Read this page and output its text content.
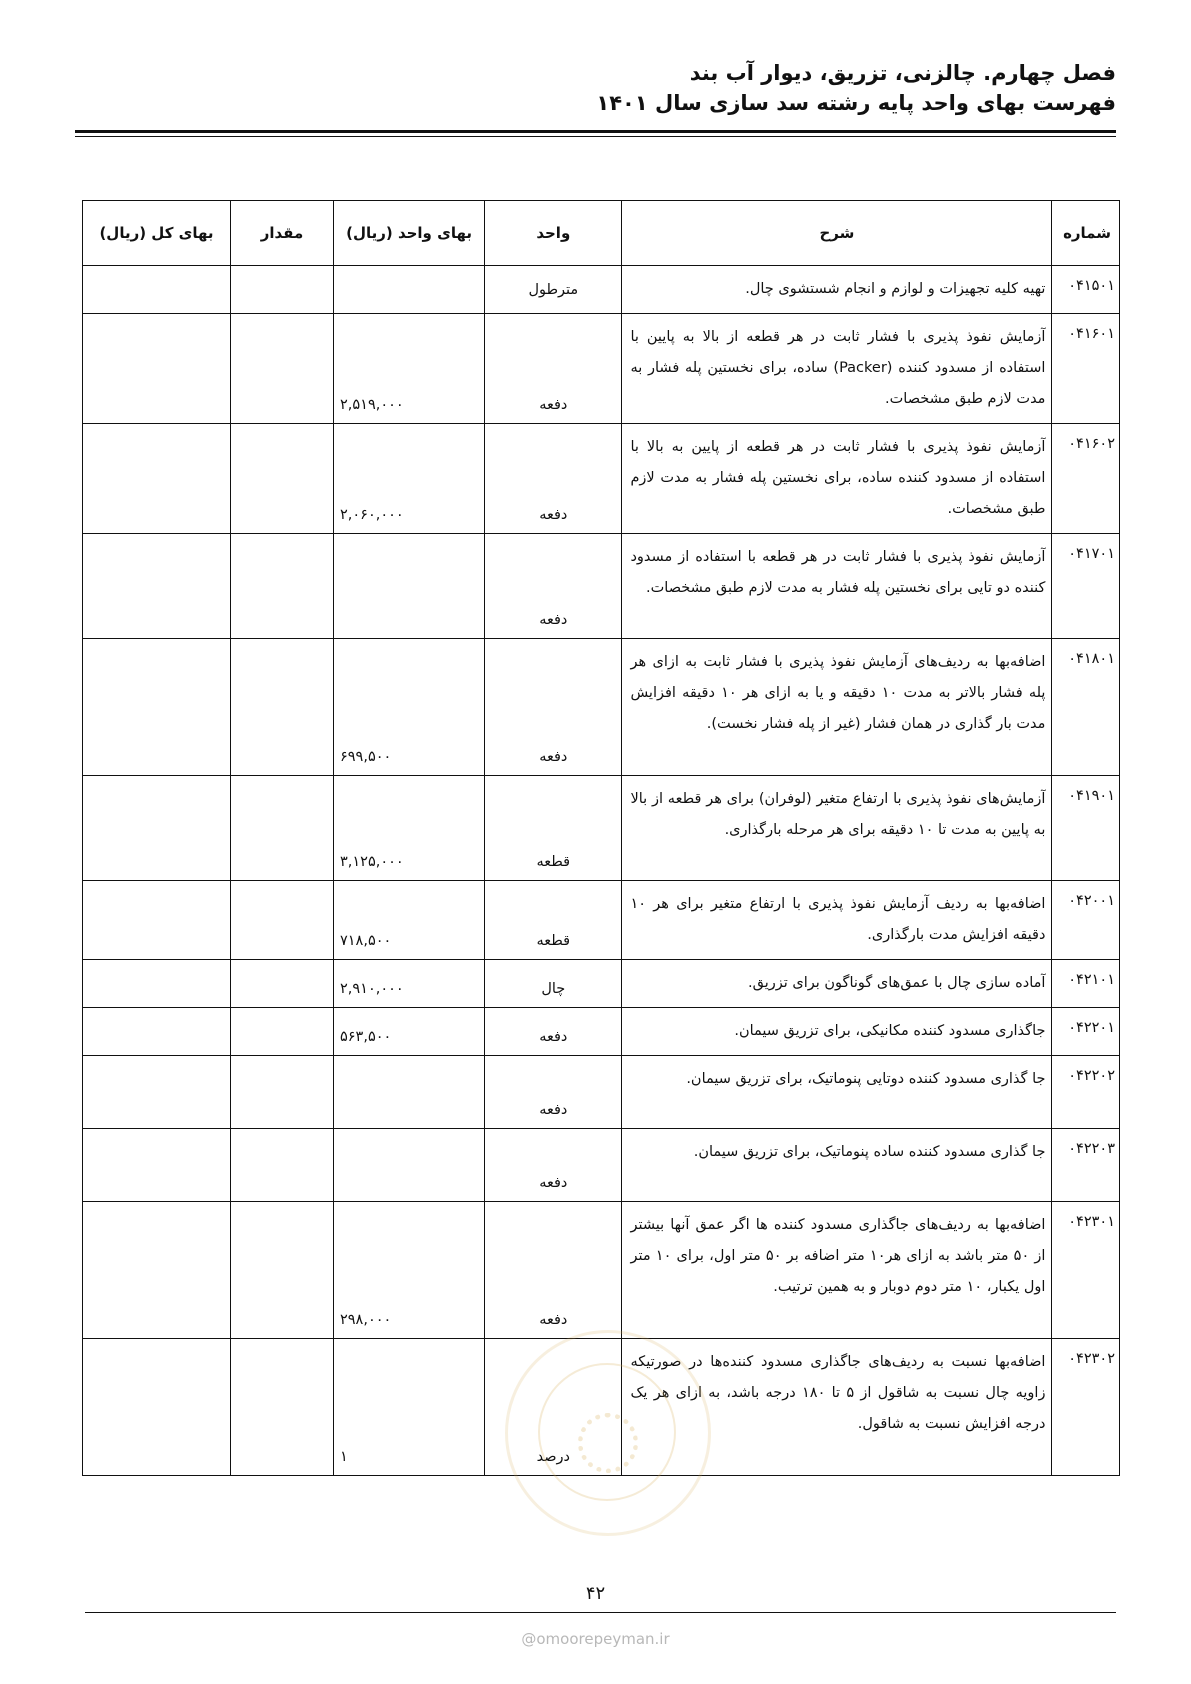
فصل چهارم. چالزنی، تزریق، دیوار آب بند
فهرست بهای واحد پایه رشته سد سازی سال ۱۴۰۱
شماره	شرح	واحد	بهای واحد (ریال)	مقدار	بهای کل (ریال)
۰۴۱۵۰۱	تهیه کلیه تجهیزات و لوازم و انجام شستشوی چال.	مترطول			
۰۴۱۶۰۱	آزمایش نفوذ پذیری با فشار ثابت در هر قطعه از بالا به پایین با استفاده از مسدود کننده (Packer) ساده، برای نخستین پله فشار به مدت لازم طبق مشخصات.	دفعه	۲,۵۱۹,۰۰۰		
۰۴۱۶۰۲	آزمایش نفوذ پذیری با فشار ثابت در هر قطعه از پایین به بالا با استفاده از مسدود کننده ساده، برای نخستین پله فشار به مدت لازم طبق مشخصات.	دفعه	۲,۰۶۰,۰۰۰		
۰۴۱۷۰۱	آزمایش نفوذ پذیری با فشار ثابت در هر قطعه با استفاده از مسدود کننده دو تایی برای نخستین پله فشار به مدت لازم طبق مشخصات.	دفعه			
۰۴۱۸۰۱	اضافه‌بها به ردیف‌های آزمایش نفوذ پذیری با فشار ثابت به ازای هر پله فشار بالاتر به مدت ۱۰ دقیقه و یا به ازای هر ۱۰ دقیقه افزایش مدت بار گذاری در همان فشار (غیر از پله فشار نخست).	دفعه	۶۹۹,۵۰۰		
۰۴۱۹۰۱	آزمایش‌های نفوذ پذیری با ارتفاع متغیر (لوفران) برای هر قطعه از بالا به پایین به مدت تا ۱۰ دقیقه برای هر مرحله بارگذاری.	قطعه	۳,۱۲۵,۰۰۰		
۰۴۲۰۰۱	اضافه‌بها به ردیف آزمایش نفوذ پذیری با ارتفاع متغیر برای هر ۱۰ دقیقه افزایش مدت بارگذاری.	قطعه	۷۱۸,۵۰۰		
۰۴۲۱۰۱	آماده سازی چال با عمق‌های گوناگون برای تزریق.	چال	۲,۹۱۰,۰۰۰		
۰۴۲۲۰۱	جاگذاری مسدود کننده مکانیکی، برای تزریق سیمان.	دفعه	۵۶۳,۵۰۰		
۰۴۲۲۰۲	جا گذاری مسدود کننده دوتایی پنوماتیک، برای تزریق سیمان.	دفعه			
۰۴۲۲۰۳	جا گذاری مسدود کننده ساده پنوماتیک، برای تزریق سیمان.	دفعه			
۰۴۲۳۰۱	اضافه‌بها به ردیف‌های جاگذاری مسدود کننده ها اگر عمق آنها بیشتر از ۵۰ متر باشد به ازای هر۱۰ متر اضافه بر ۵۰ متر اول، برای ۱۰ متر اول یکبار، ۱۰ متر دوم دوبار و به همین ترتیب.	دفعه	۲۹۸,۰۰۰		
۰۴۲۳۰۲	اضافه‌بها نسبت به ردیف‌های جاگذاری مسدود کننده‌ها در صورتیکه زاویه چال نسبت به شاقول از ۵ تا ۱۸۰ درجه باشد، به ازای هر یک درجه افزایش نسبت به شاقول.	درصد	۱		
۴۲
@omoorepeyman.ir
